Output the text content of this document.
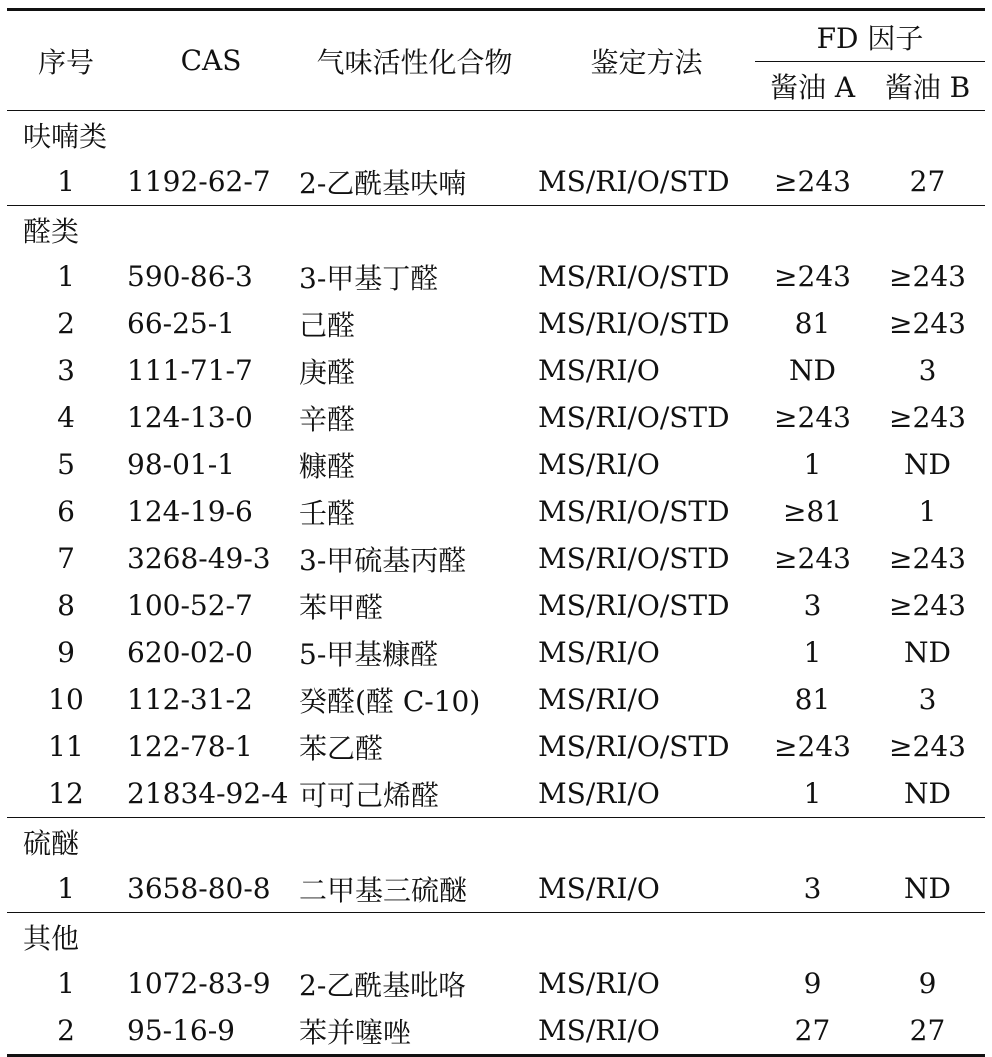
序号	CAS	气味活性化合物	鉴定方法	FD 因子	
				酱油 A	酱油 B
呋喃类					
1	1192-62-7	2-乙酰基呋喃	MS/RI/O/STD	≥243	27
醛类					
1	590-86-3	3-甲基丁醛	MS/RI/O/STD	≥243	≥243
2	66-25-1	己醛	MS/RI/O/STD	81	≥243
3	111-71-7	庚醛	MS/RI/O	ND	3
4	124-13-0	辛醛	MS/RI/O/STD	≥243	≥243
5	98-01-1	糠醛	MS/RI/O	1	ND
6	124-19-6	壬醛	MS/RI/O/STD	≥81	1
7	3268-49-3	3-甲硫基丙醛	MS/RI/O/STD	≥243	≥243
8	100-52-7	苯甲醛	MS/RI/O/STD	3	≥243
9	620-02-0	5-甲基糠醛	MS/RI/O	1	ND
10	112-31-2	癸醛(醛 C-10)	MS/RI/O	81	3
11	122-78-1	苯乙醛	MS/RI/O/STD	≥243	≥243
12	21834-92-4	可可己烯醛	MS/RI/O	1	ND
硫醚					
1	3658-80-8	二甲基三硫醚	MS/RI/O	3	ND
其他					
1	1072-83-9	2-乙酰基吡咯	MS/RI/O	9	9
2	95-16-9	苯并噻唑	MS/RI/O	27	27
